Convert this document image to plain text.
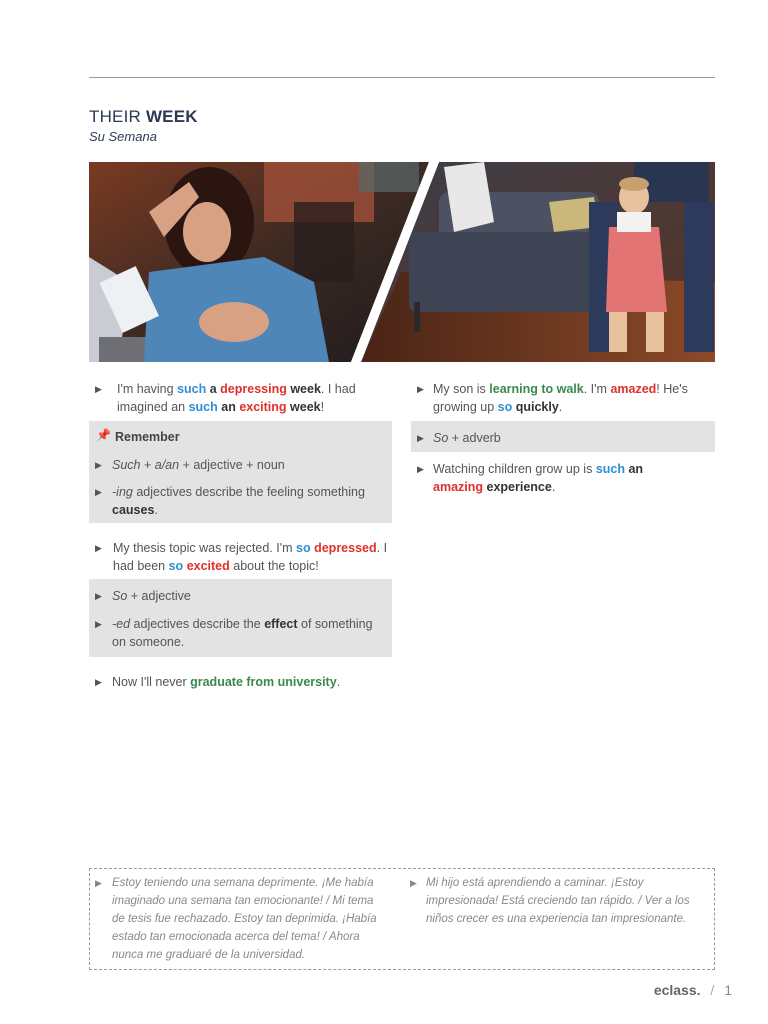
THEIR WEEK
Su Semana
▶	I'm having such a depressing week. I had imagined an such an exciting week!
📌 Remember
▶ Such + a/an + adjective + noun
▶ -ing adjectives describe the feeling something causes.
▶ My thesis topic was rejected. I'm so depressed. I had been so excited about the topic!
▶ So + adjective
▶ -ed adjectives describe the effect of something on someone.
▶ Now I'll never graduate from university.
▶ My son is learning to walk. I'm amazed! He's growing up so quickly.
▶ So + adverb
▶ Watching children grow up is such an amazing experience.
▶ Estoy teniendo una semana deprimente. ¡Me había imaginado una semana tan emocionante! / Mi tema de tesis fue rechazado. Estoy tan deprimida. ¡Había estado tan emocionada acerca del tema! / Ahora nunca me graduaré de la universidad.
▶ Mi hijo está aprendiendo a caminar. ¡Estoy impresionada! Está creciendo tan rápido. / Ver a los niños crecer es una experiencia tan impresionante.
eclass. / 1
